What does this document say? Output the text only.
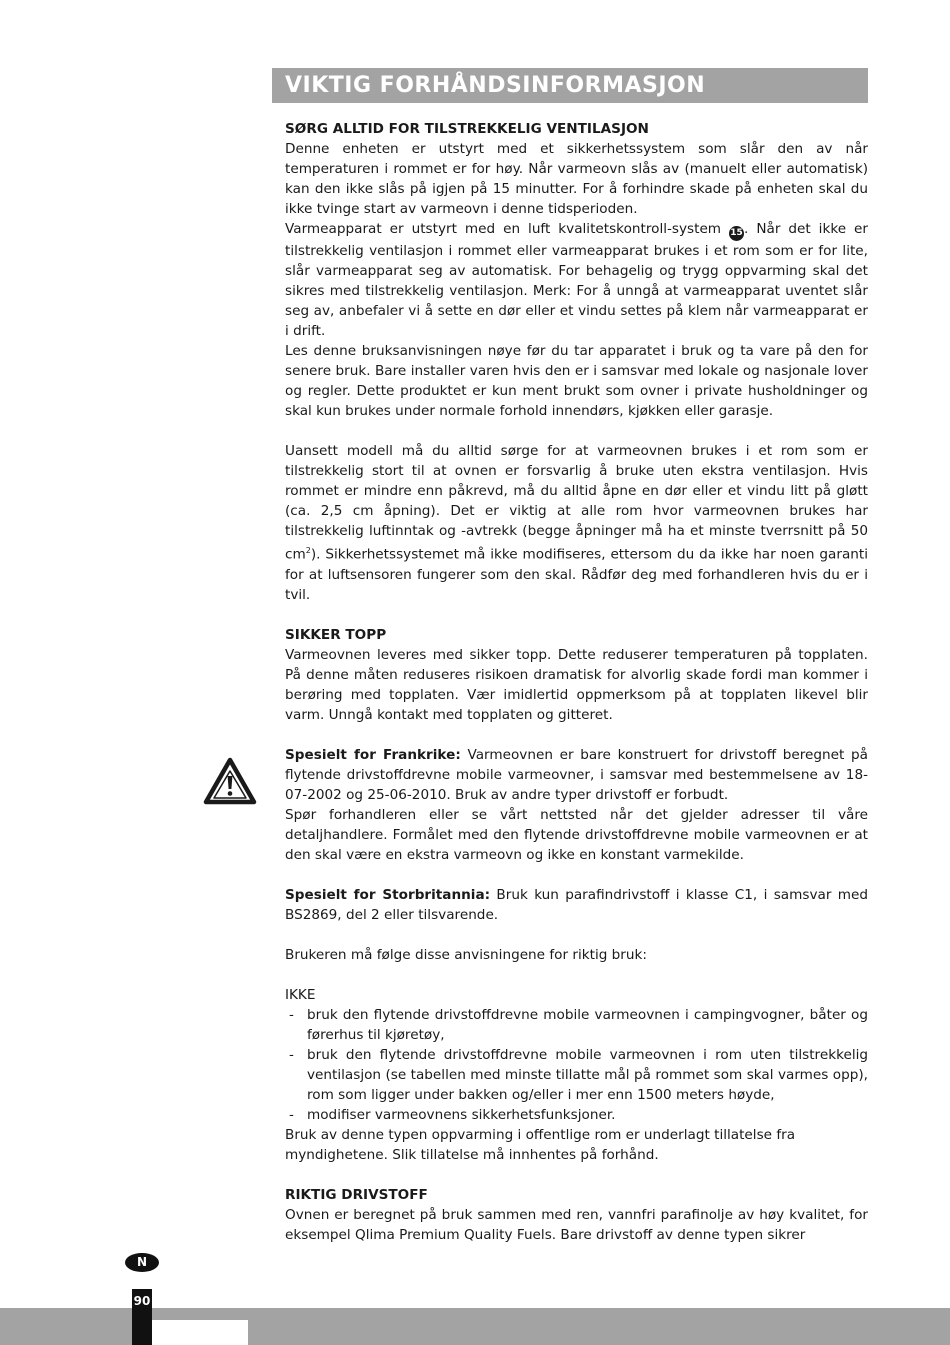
VIKTIG FORHÅNDSINFORMASJON
SØRG ALLTID FOR TILSTREKKELIG VENTILASJON

Denne enheten er utstyrt med et sikkerhetssystem som slår den av når temperaturen i rommet er for høy. Når varmeovn slås av (manuelt eller automatisk) kan den ikke slås på igjen på 15 minutter. For å forhindre skade på enheten skal du ikke tvinge start av varmeovn i denne tidsperioden.

Varmeapparat er utstyrt med en luft kvalitetskontroll-system 15. Når det ikke er tilstrekkelig ventilasjon i rommet eller varmeapparat brukes i et rom som er for lite, slår varmeapparat seg av automatisk. For behagelig og trygg oppvarming skal det sikres med tilstrekkelig ventilasjon. Merk: For å unngå at varmeapparat uventet slår seg av, anbefaler vi å sette en dør eller et vindu settes på klem når varmeapparat er i drift.

Les denne bruksanvisningen nøye før du tar apparatet i bruk og ta vare på den for senere bruk. Bare installer varen hvis den er i samsvar med lokale og nasjonale lover og regler. Dette produktet er kun ment brukt som ovner i private husholdninger og skal kun brukes under normale forhold innendørs, kjøkken eller garasje.

Uansett modell må du alltid sørge for at varmeovnen brukes i et rom som er tilstrekkelig stort til at ovnen er forsvarlig å bruke uten ekstra ventilasjon. Hvis rommet er mindre enn påkrevd, må du alltid åpne en dør eller et vindu litt på gløtt (ca. 2,5 cm åpning). Det er viktig at alle rom hvor varmeovnen brukes har tilstrekkelig luftinntak og -avtrekk (begge åpninger må ha et minste tverrsnitt på 50 $cm^2$). Sikkerhetssystemet må ikke modifiseres, ettersom du da ikke har noen garanti for at luftsensoren fungerer som den skal. Rådfør deg med forhandleren hvis du er i tvil.

SIKKER TOPP

Varmeovnen leveres med sikker topp. Dette reduserer temperaturen på topplaten. På denne måten reduseres risikoen dramatisk for alvorlig skade fordi man kommer i berøring med topplaten. Vær imidlertid oppmerksom på at topplaten likevel blir varm. Unngå kontakt med topplaten og gitteret.

Spesielt for Frankrike: Varmeovnen er bare konstruert for drivstoff beregnet på flytende drivstoffdrevne mobile varmeovner, i samsvar med bestemmelsene av 18-07-2002 og 25-06-2010. Bruk av andre typer drivstoff er forbudt.

Spør forhandleren eller se vårt nettsted når det gjelder adresser til våre detaljhandlere. Formålet med den flytende drivstoffdrevne mobile varmeovnen er at den skal være en ekstra varmeovn og ikke en konstant varmekilde.

Spesielt for Storbritannia: Bruk kun parafindrivstoff i klasse C1, i samsvar med BS2869, del 2 eller tilsvarende.

Brukeren må følge disse anvisningene for riktig bruk:

IKKE

- bruk den flytende drivstoffdrevne mobile varmeovnen i campingvogner, båter og førerhus til kjøretøy,
- bruk den flytende drivstoffdrevne mobile varmeovnen i rom uten tilstrekkelig ventilasjon (se tabellen med minste tillatte mål på rommet som skal varmes opp), rom som ligger under bakken og/eller i mer enn 1500 meters høyde,
- modifiser varmeovnens sikkerhetsfunksjoner.
Bruk av denne typen oppvarming i offentlige rom er underlagt tillatelse fra myndighetene. Slik tillatelse må innhentes på forhånd.
RIKTIG DRIVSTOFF

Ovnen er beregnet på bruk sammen med ren, vannfri parafinolje av høy kvalitet, for eksempel Qlima Premium Quality Fuels. Bare drivstoff av denne typen sikrer

N
90
